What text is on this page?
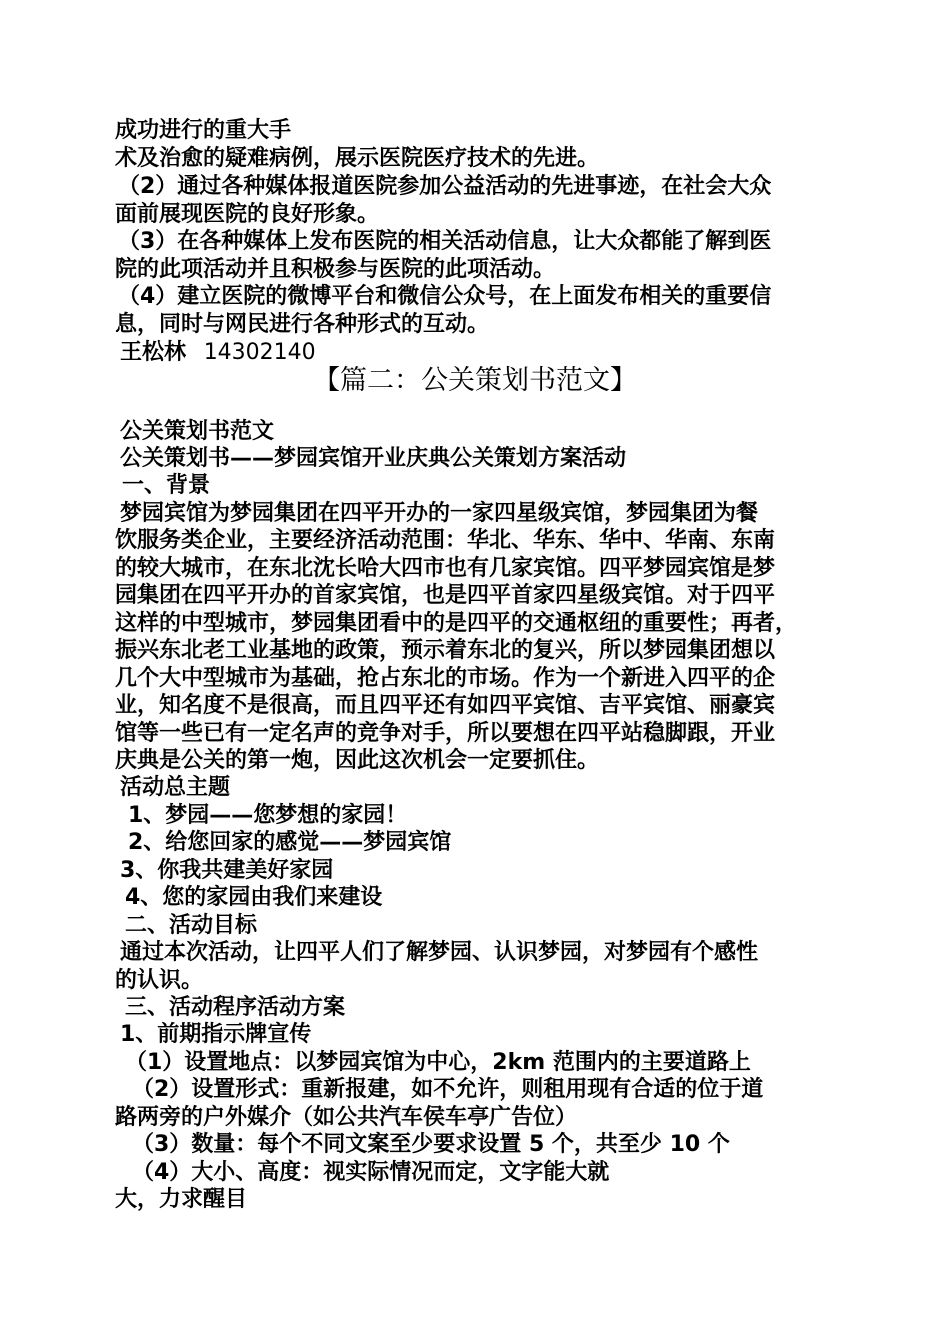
成功进行的重大手
术及治愈的疑难病例，展示医院医疗技术的先进。
（2）通过各种媒体报道医院参加公益活动的先进事迹，在社会大众
面前展现医院的良好形象。
（3）在各种媒体上发布医院的相关活动信息，让大众都能了解到医
院的此项活动并且积极参与医院的此项活动。
（4）建立医院的微博平台和微信公众号，在上面发布相关的重要信
息，同时与网民进行各种形式的互动。
王松林 14302140
【篇二：公关策划书范文】
公关策划书范文
公关策划书——梦园宾馆开业庆典公关策划方案活动
一、背景
梦园宾馆为梦园集团在四平开办的一家四星级宾馆，梦园集团为餐
饮服务类企业，主要经济活动范围：华北、华东、华中、华南、东南
的较大城市，在东北沈长哈大四市也有几家宾馆。四平梦园宾馆是梦
园集团在四平开办的首家宾馆，也是四平首家四星级宾馆。对于四平
这样的中型城市，梦园集团看中的是四平的交通枢纽的重要性；再者，
振兴东北老工业基地的政策，预示着东北的复兴，所以梦园集团想以
几个大中型城市为基础，抢占东北的市场。作为一个新进入四平的企
业，知名度不是很高，而且四平还有如四平宾馆、吉平宾馆、丽豪宾
馆等一些已有一定名声的竞争对手，所以要想在四平站稳脚跟，开业
庆典是公关的第一炮，因此这次机会一定要抓住。
活动总主题
1、梦园——您梦想的家园！
2、给您回家的感觉——梦园宾馆
3、你我共建美好家园
4、您的家园由我们来建设
二、活动目标
通过本次活动，让四平人们了解梦园、认识梦园，对梦园有个感性
的认识。
三、活动程序活动方案
1、前期指示牌宣传
（1）设置地点：以梦园宾馆为中心，2km 范围内的主要道路上
（2）设置形式：重新报建，如不允许，则租用现有合适的位于道
路两旁的户外媒介（如公共汽车侯车亭广告位）
（3）数量：每个不同文案至少要求设置 5 个，共至少 10 个
（4）大小、高度：视实际情况而定，文字能大就
大，力求醒目
